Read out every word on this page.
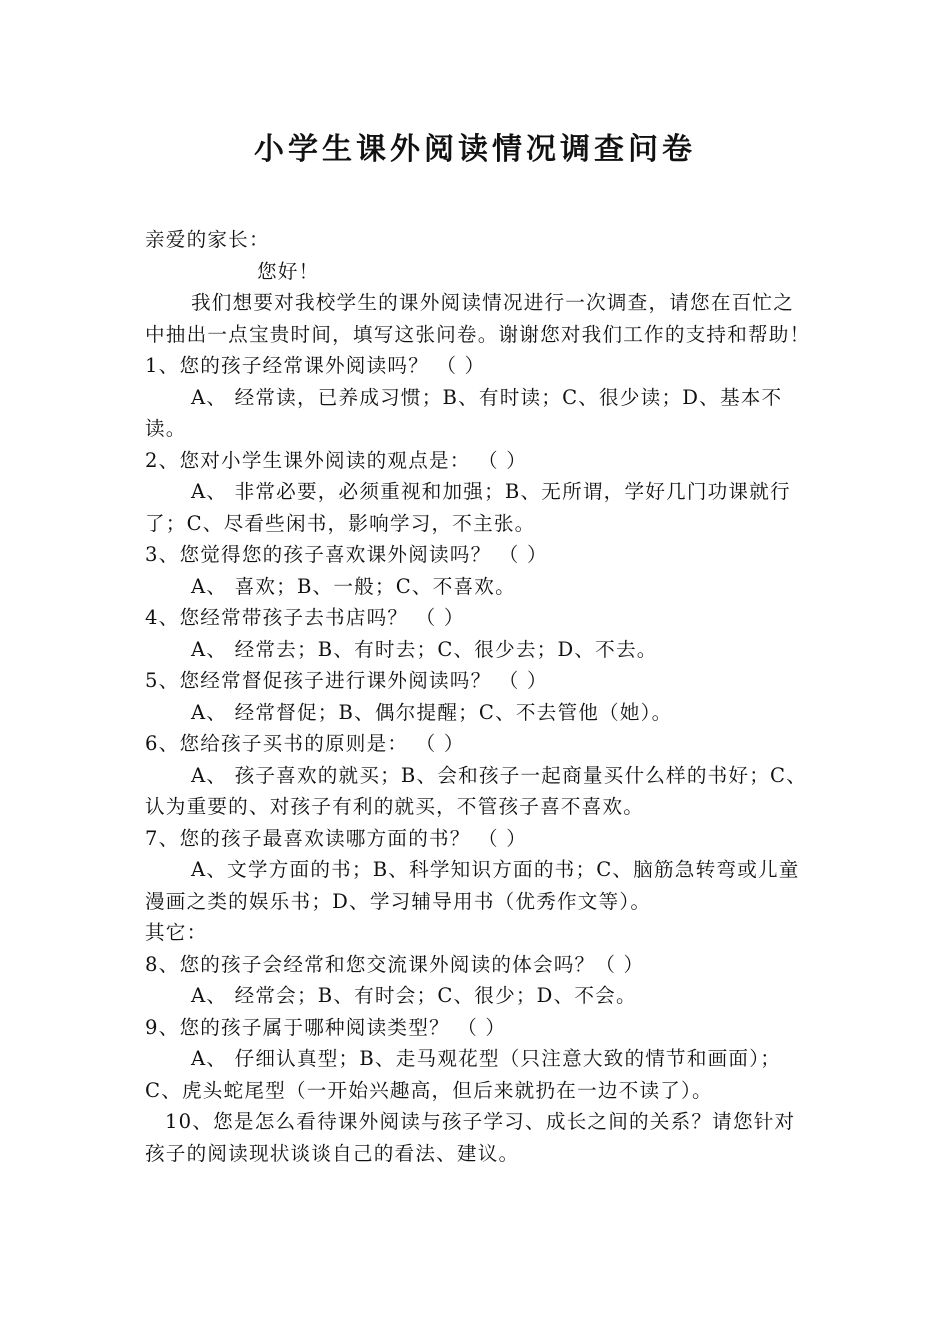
小学生课外阅读情况调查问卷

亲爱的家长：

您好！

我们想要对我校学生的课外阅读情况进行一次调查，请您在百忙之中抽出一点宝贵时间，填写这张问卷。谢谢您对我们工作的支持和帮助！

1、您的孩子经常课外阅读吗？ （ ）

A、 经常读，已养成习惯；B、有时读；C、很少读；D、基本不读。

2、您对小学生课外阅读的观点是： （ ）

A、 非常必要，必须重视和加强；B、无所谓，学好几门功课就行了；C、尽看些闲书，影响学习，不主张。

3、您觉得您的孩子喜欢课外阅读吗？ （ ）

A、 喜欢；B、一般；C、不喜欢。

4、您经常带孩子去书店吗？ （ ）

A、 经常去；B、有时去；C、很少去；D、不去。

5、您经常督促孩子进行课外阅读吗？ （ ）

A、 经常督促；B、偶尔提醒；C、不去管他（她）。

6、您给孩子买书的原则是： （ ）

A、 孩子喜欢的就买；B、会和孩子一起商量买什么样的书好；C、认为重要的、对孩子有利的就买，不管孩子喜不喜欢。

7、您的孩子最喜欢读哪方面的书？ （ ）

A、文学方面的书；B、科学知识方面的书；C、脑筋急转弯或儿童漫画之类的娱乐书；D、学习辅导用书（优秀作文等）。

其它：

8、您的孩子会经常和您交流课外阅读的体会吗？（ ）

A、 经常会；B、有时会；C、很少；D、不会。

9、您的孩子属于哪种阅读类型？ （ ）

A、 仔细认真型；B、走马观花型（只注意大致的情节和画面）；C、虎头蛇尾型（一开始兴趣高，但后来就扔在一边不读了）。

10、您是怎么看待课外阅读与孩子学习、成长之间的关系？请您针对孩子的阅读现状谈谈自己的看法、建议。
